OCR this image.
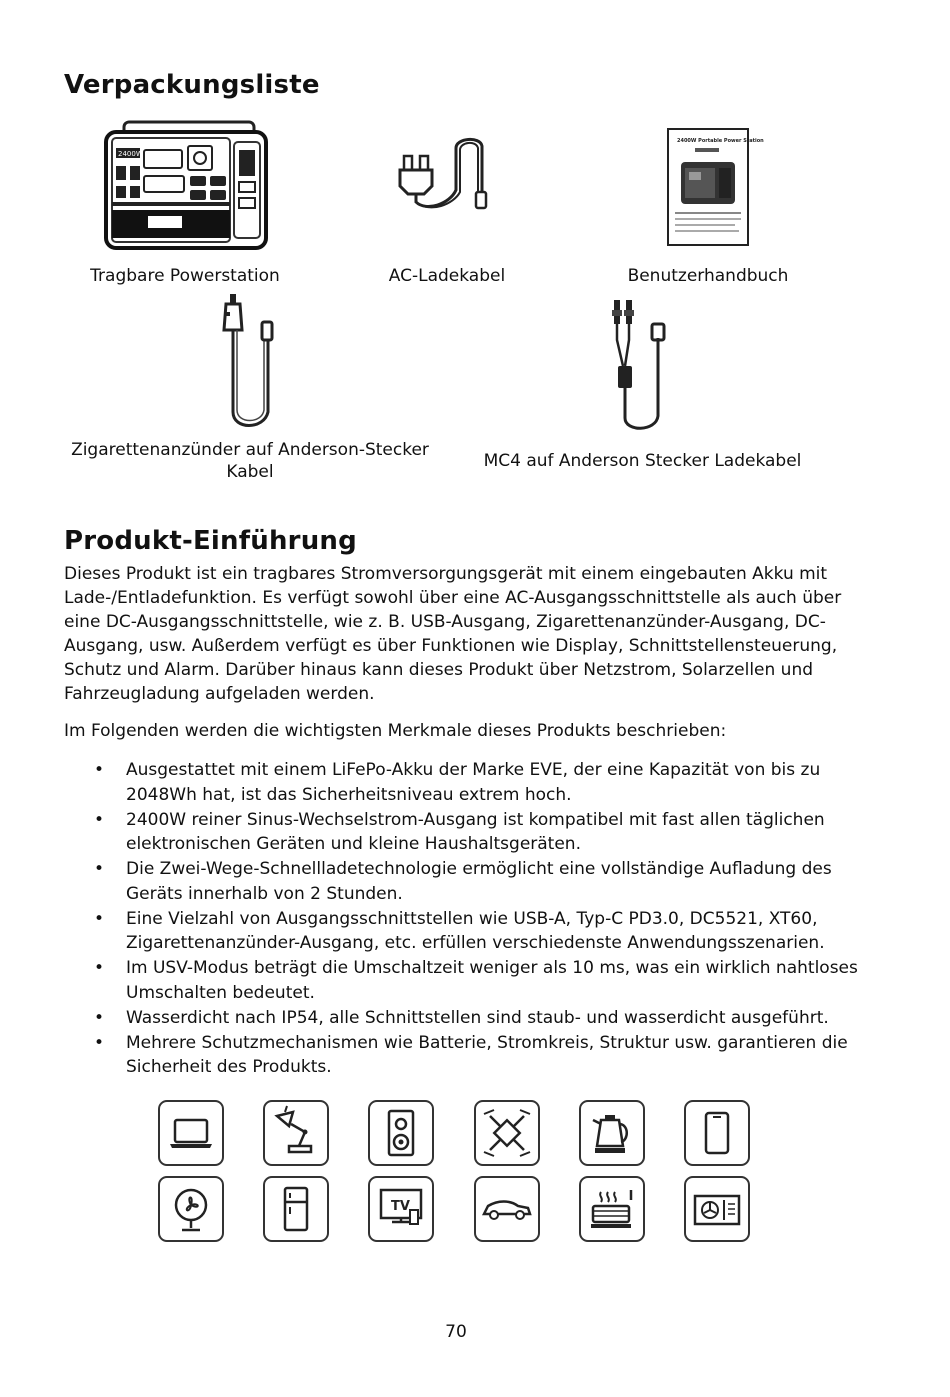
Verpackungsliste
2400W
2400W Portable Power Station
Tragbare Powerstation	AC-Ladekabel	Benutzerhandbuch
Zigarettenanzünder auf Anderson-Stecker Kabel
MC4 auf Anderson Stecker Ladekabel
Produkt-Einführung

Dieses Produkt ist ein tragbares Stromversorgungsgerät mit einem eingebauten Akku mit Lade-/Entladefunktion. Es verfügt sowohl über eine AC-Ausgangsschnittstelle als auch über eine DC-Ausgangsschnittstelle, wie z. B. USB-Ausgang, Zigarettenanzünder-Ausgang, DC-Ausgang, usw. Außerdem verfügt es über Funktionen wie Display, Schnittstellensteuerung, Schutz und Alarm. Darüber hinaus kann dieses Produkt über Netzstrom, Solarzellen und Fahrzeugladung aufgeladen werden.

Im Folgenden werden die wichtigsten Merkmale dieses Produkts beschrieben:

• Ausgestattet mit einem LiFePo-Akku der Marke EVE, der eine Kapazität von bis zu 2048Wh hat, ist das Sicherheitsniveau extrem hoch.
• 2400W reiner Sinus-Wechselstrom-Ausgang ist kompatibel mit fast allen täglichen elektronischen Geräten und kleine Haushaltsgeräten.
• Die Zwei-Wege-Schnellladetechnologie ermöglicht eine vollständige Aufladung des Geräts innerhalb von 2 Stunden.
• Eine Vielzahl von Ausgangsschnittstellen wie USB-A, Typ-C PD3.0, DC5521, XT60, Zigarettenanzünder-Ausgang, etc. erfüllen verschiedenste Anwendungsszenarien.
• Im USV-Modus beträgt die Umschaltzeit weniger als 10 ms, was ein wirklich nahtloses Umschalten bedeutet.
• Wasserdicht nach IP54, alle Schnittstellen sind staub- und wasserdicht ausgeführt.
• Mehrere Schutzmechanismen wie Batterie, Stromkreis, Struktur usw. garantieren die Sicherheit des Produkts.
TV
70
